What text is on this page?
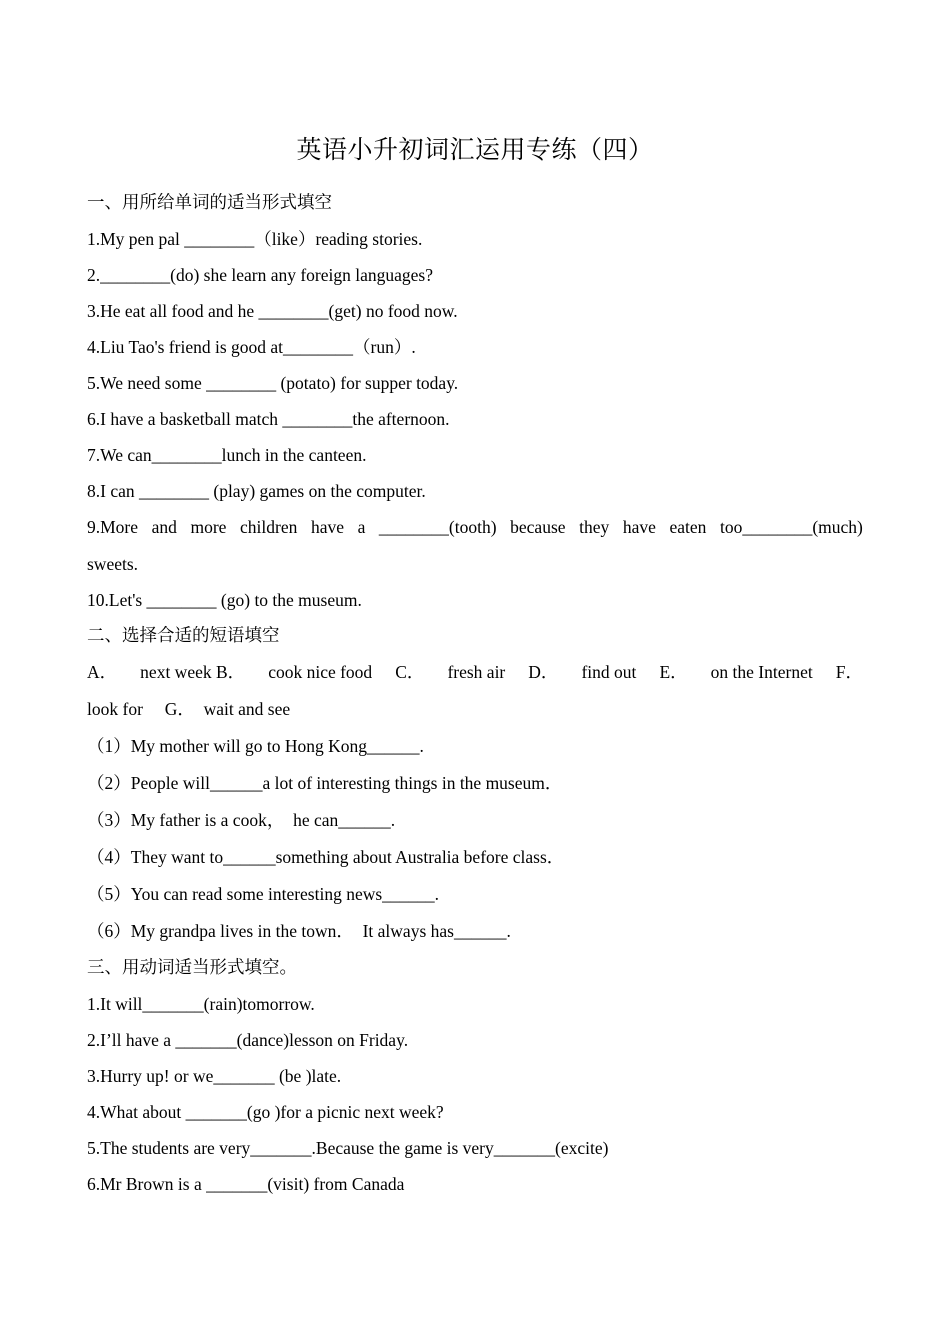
英语小升初词汇运用专练（四）
一、用所给单词的适当形式填空
1.My pen pal ________（like）reading stories.
2.________(do) she learn any foreign languages?
3.He eat all food and he ________(get) no food now.
4.Liu Tao's friend is good at________（run）.
5.We need some ________ (potato) for supper today.
6.I have a basketball match ________the afternoon.
7.We can________lunch in the canteen.
8.I can ________ (play) games on the computer.
9.More and more children have a ________(tooth) because they have eaten too________(much)
sweets.
10.Let's ________ (go) to the museum.
二、选择合适的短语填空
A． next week B． cook nice food C． fresh air D． find out E． on the Internet F．
look for　 G．　wait and see
（1）My mother will go to Hong Kong______.
（2）People will______a lot of interesting things in the museum．
（3）My father is a cook，　he can______.
（4）They want to______something about Australia before class．
（5）You can read some interesting news______.
（6）My grandpa lives in the town．　It always has______.
三、用动词适当形式填空。
1.It will_______(rain)tomorrow.
2.I’ll have a _______(dance)lesson on Friday.
3.Hurry up! or we_______ (be )late.
4.What about _______(go )for a picnic next week?
5.The students are very_______.Because the game is very_______(excite)
6.Mr Brown is a _______(visit) from Canada
